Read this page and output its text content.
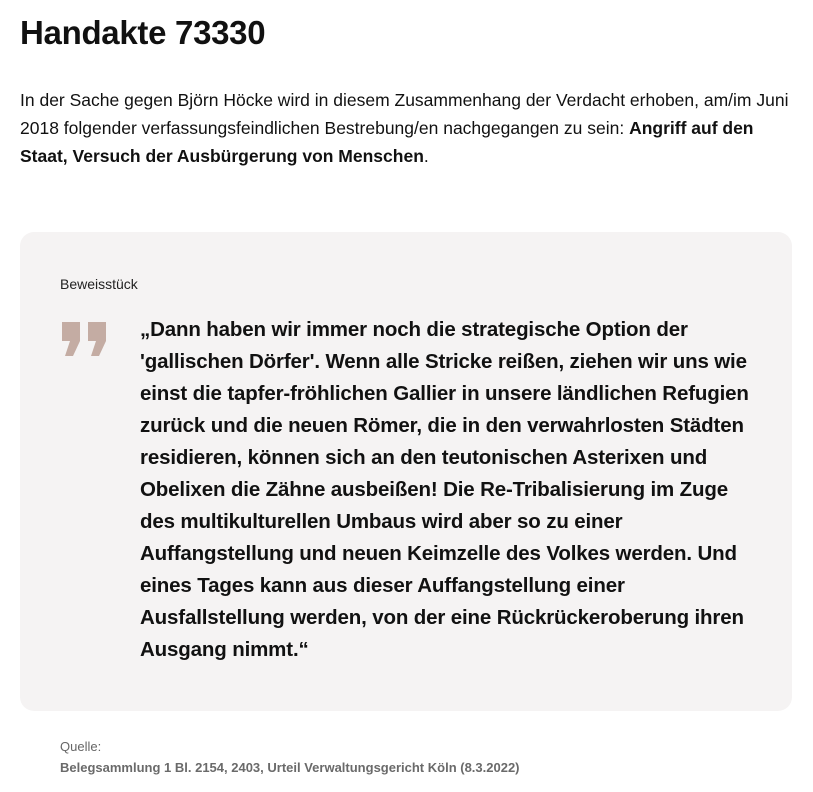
Handakte 73330

In der Sache gegen Björn Höcke wird in diesem Zusammenhang der Verdacht erhoben, am/im Juni 2018 folgender verfassungsfeindlichen Bestrebung/en nachgegangen zu sein: Angriff auf den Staat, Versuch der Ausbürgerung von Menschen.

Beweisstück

„Dann haben wir immer noch die strategische Option der 'gallischen Dörfer'. Wenn alle Stricke reißen, ziehen wir uns wie einst die tapfer-fröhlichen Gallier in unsere ländlichen Refugien zurück und die neuen Römer, die in den verwahrlosten Städten residieren, können sich an den teutonischen Asterixen und Obelixen die Zähne ausbeißen! Die Re-Tribalisierung im Zuge des multikulturellen Umbaus wird aber so zu einer Auffangstellung und neuen Keimzelle des Volkes werden. Und eines Tages kann aus dieser Auffangstellung einer Ausfallstellung werden, von der eine Rückrückeroberung ihren Ausgang nimmt.“

Quelle:
Belegsammlung 1 Bl. 2154, 2403, Urteil Verwaltungsgericht Köln (8.3.2022)
